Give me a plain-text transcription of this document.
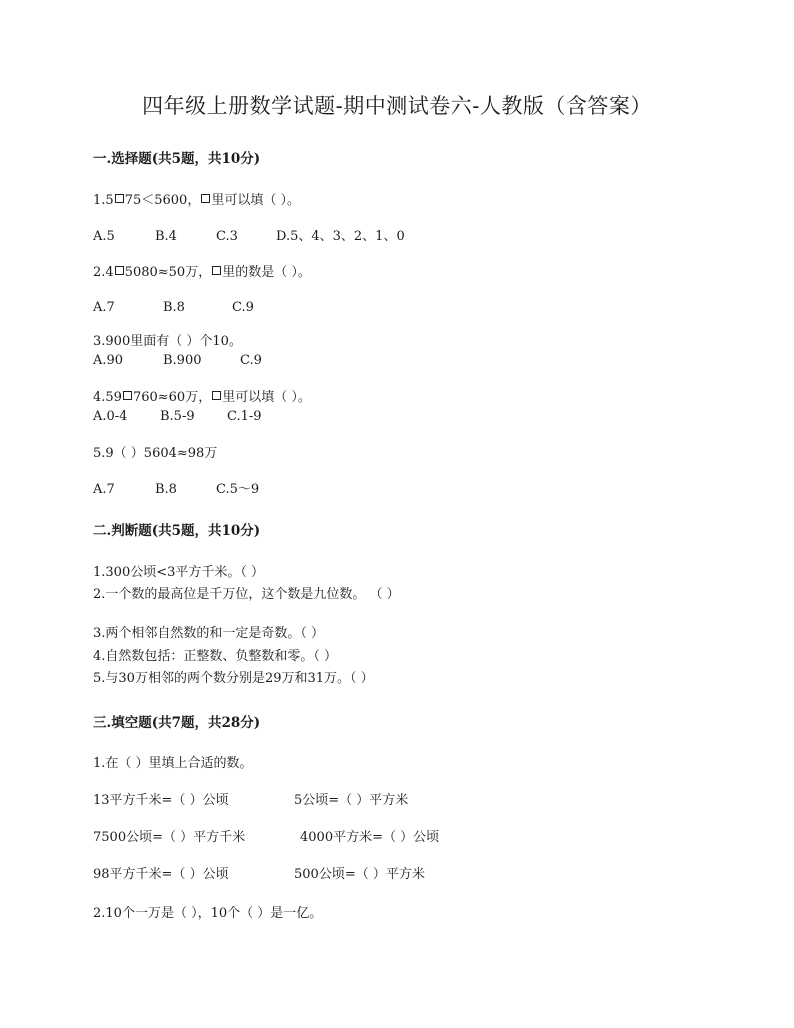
四年级上册数学试题-期中测试卷六-人教版（含答案）
一.选择题(共5题，共10分)
1.5 75＜5600， 里可以填（ ）。
A.5	B.4	C.3	D.5、4、3、2、1、0
2.4 5080≈50万， 里的数是（ ）。
A.7	B.8	C.9
3.900里面有（ ）个10。
A.90	B.900	C.9
4.59 760≈60万， 里可以填（ ）。
A.0-4	B.5-9 C.1-9
5.9（ ）5604≈98万
A.7	B.8	C.5～9
二.判断题(共5题，共10分)
1.300公顷<3平方千米。（ ）
2.一个数的最高位是千万位，这个数是九位数。 （ ）
3.两个相邻自然数的和一定是奇数。（ ）
4.自然数包括：正整数、负整数和零。（ ）
5.与30万相邻的两个数分别是29万和31万。（ ）
三.填空题(共7题，共28分)
1.在（ ）里填上合适的数。
13平方千米=（ ）公顷	5公顷=（ ）平方米
7500公顷=（ ）平方千米	4000平方米=（ ）公顷
98平方千米=（ ）公顷	500公顷=（ ）平方米
2.10个一万是（ ），10个（ ）是一亿。
